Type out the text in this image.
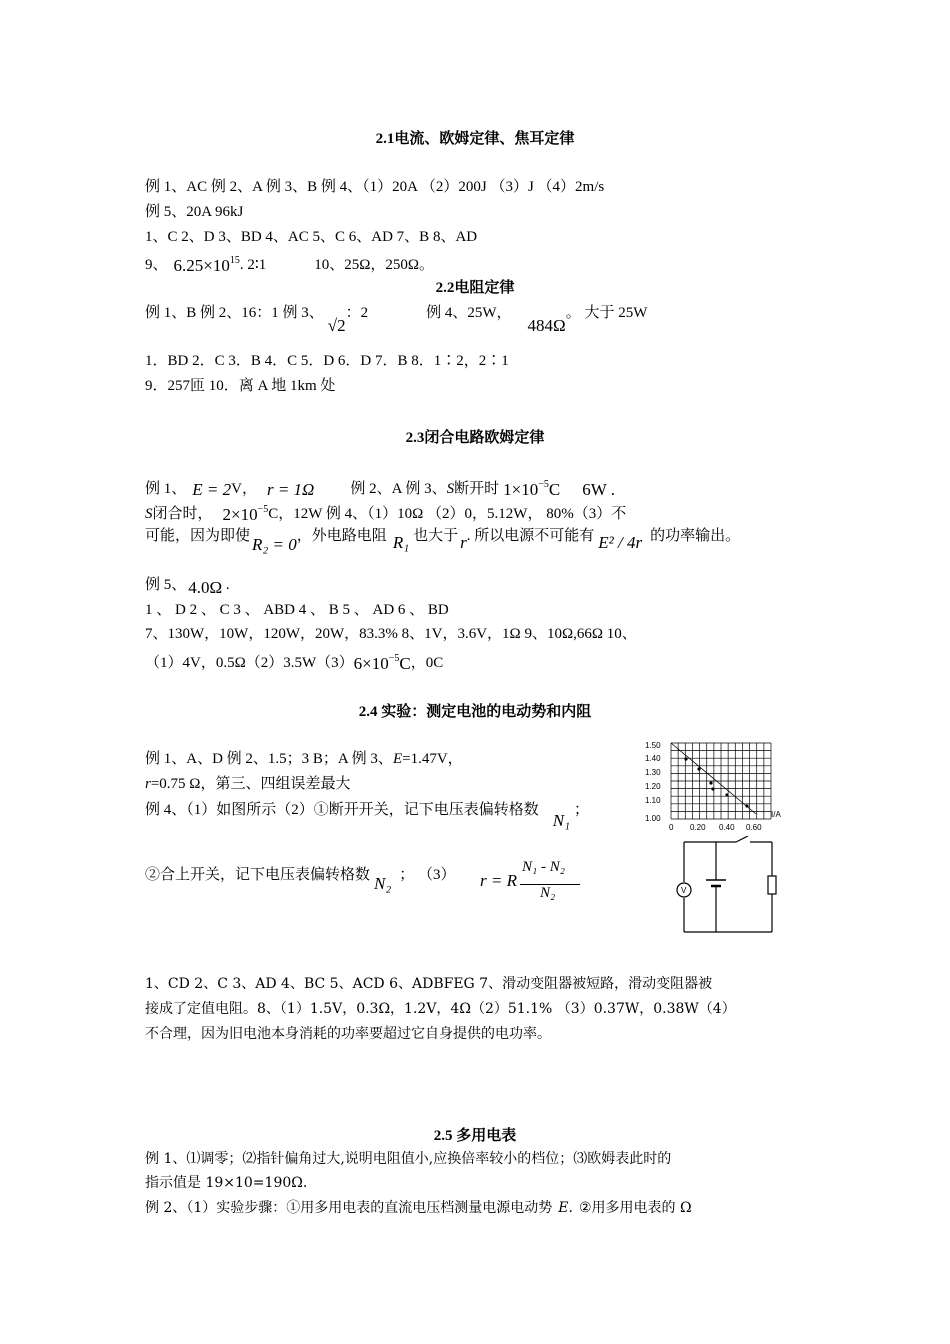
2.1电流、欧姆定律、焦耳定律
例 1、AC 例 2、A 例 3、B 例 4、（1）20A （2）200J （3）J （4）2m/s
例 5、20A 96kJ
1、C 2、D 3、BD 4、AC 5、C 6、AD 7、B 8、AD
9、 $6.25\times 10^{15}$. 2∶1	10、25Ω，250Ω。
2.2电阻定律
例 1、B 例 2、16：1 例 3、√2：2	例 4、25W，484Ω。 大于 25W
1．BD 2．C 3．B 4．C 5．D 6．D 7．B 8．1∶2，2∶1
9．257匝 10．离 A 地 1km 处
2.3闭合电路欧姆定律
例 1、 E = 2V， r = 1Ω 例 2、A 例 3、S断开时 $1\times 10^{-5}C$ 6W .
S闭合时， $2\times 10^{-5}C$，12W 例 4、（1）10Ω （2）0，5.12W， 80%（3）不
可能，因为即使 R₂ = 0，外电路电阻 R₁ 也大于 r. 所以电源不可能有 E² / 4r 的功率输出。
例 5、 4.0Ω .
1 、 D 2 、 C 3 、 ABD 4 、 B 5 、 AD 6 、 BD
7、130W，10W，120W，20W，83.3% 8、1V，3.6V，1Ω 9、10Ω,66Ω 10、
（1）4V，$0.5\Omega(2)3.5W(3)6\times 10^{-5}C$，0C
2.4 实验：测定电池的电动势和内阻
例 1、A、D 例 2、1.5；3 B；A 例 3、E=1.47V，
r=0.75 Ω，第三、四组误差最大
例 4、（1）如图所示（2）①断开开关，记下电压表偏转格数N₁；
②合上开关，记下电压表偏转格数 N₂ ； （3） r = R
N₁ - N₂
N₂
1.50
1.40
1.30
1.20
1.10
1.00
0 0.20 0.40 0.60
I/A
V
1、CD 2、C 3、AD 4、BC 5、ACD 6、ADBFEG 7、滑动变阻器被短路，滑动变阻器被
接成了定值电阻。8、（1）1.5V，0.3Ω，1.2V，4Ω（2）51.1% （3）0.37W，0.38W（4）
不合理，因为旧电池本身消耗的功率要超过它自身提供的电功率。
2.5 多用电表
例 1、⑴调零；⑵指针偏角过大,说明电阻值小,应换倍率较小的档位；⑶欧姆表此时的
指示值是 19×10=190Ω.
例 2、（1）实验步骤：①用多用电表的直流电压档测量电源电动势 E. ②用多用电表的 Ω
